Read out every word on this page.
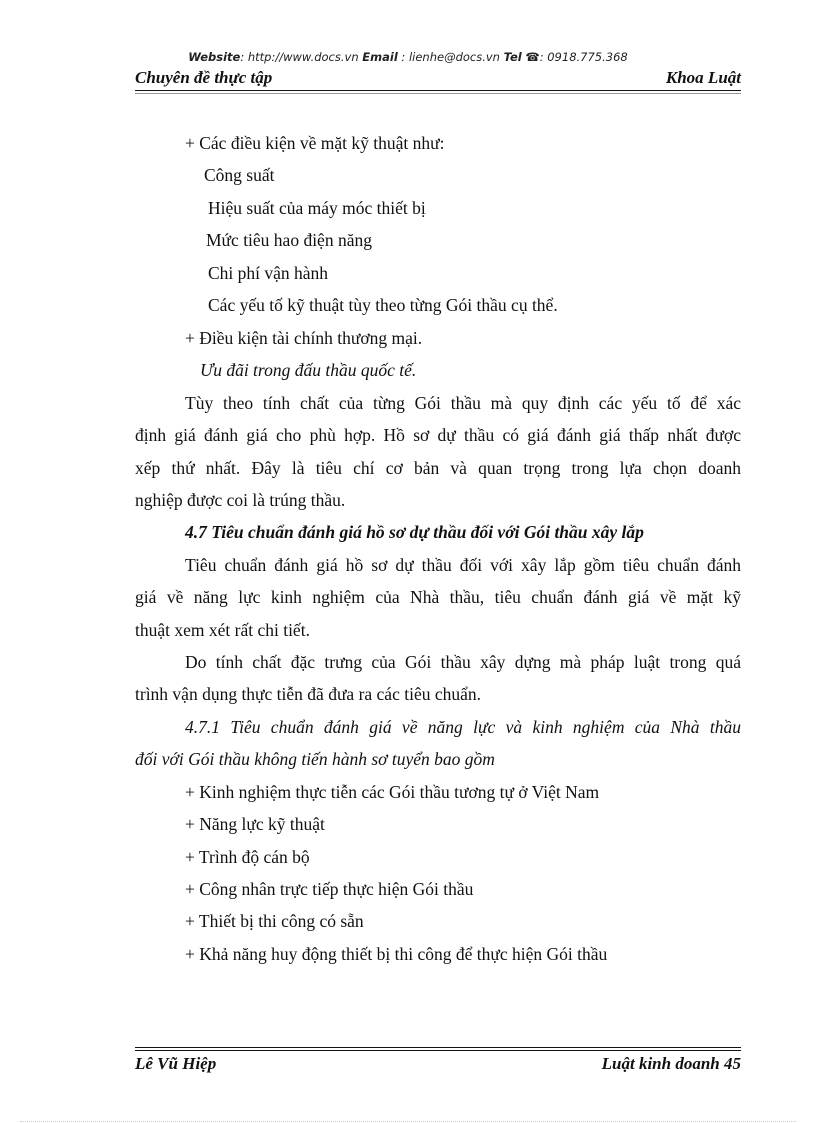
Website: http://www.docs.vn Email : lienhe@docs.vn Tel ☎: 0918.775.368
Chuyên đề thực tập	Khoa Luật
+ Các điều kiện về mặt kỹ thuật như:
Công suất
Hiệu suất của máy móc thiết bị
Mức tiêu hao điện năng
Chi phí vận hành
Các yếu tố kỹ thuật tùy theo từng Gói thầu cụ thể.
+ Điều kiện tài chính thương mại.
Ưu đãi trong đấu thầu quốc tế.
Tùy theo tính chất của từng Gói thầu mà quy định các yếu tố để xác
định giá đánh giá cho phù hợp. Hồ sơ dự thầu có giá đánh giá thấp nhất được
xếp thứ nhất. Đây là tiêu chí cơ bản và quan trọng trong lựa chọn doanh
nghiệp được coi là trúng thầu.
4.7 Tiêu chuẩn đánh giá hồ sơ dự thầu đối với Gói thầu xây lắp
Tiêu chuẩn đánh giá hồ sơ dự thầu đối với xây lắp gồm tiêu chuẩn đánh
giá về năng lực kinh nghiệm của Nhà thầu, tiêu chuẩn đánh giá về mặt kỹ
thuật xem xét rất chi tiết.
Do tính chất đặc trưng của Gói thầu xây dựng mà pháp luật trong quá
trình vận dụng thực tiễn đã đưa ra các tiêu chuẩn.
4.7.1 Tiêu chuẩn đánh giá về năng lực và kinh nghiệm của Nhà thầu
đối với Gói thầu không tiến hành sơ tuyển bao gồm
+ Kinh nghiệm thực tiễn các Gói thầu tương tự ở Việt Nam
+ Năng lực kỹ thuật
+ Trình độ cán bộ
+ Công nhân trực tiếp thực hiện Gói thầu
+ Thiết bị thi công có sẵn
+ Khả năng huy động thiết bị thi công để thực hiện Gói thầu
Lê Vũ Hiệp	Luật kinh doanh 45
